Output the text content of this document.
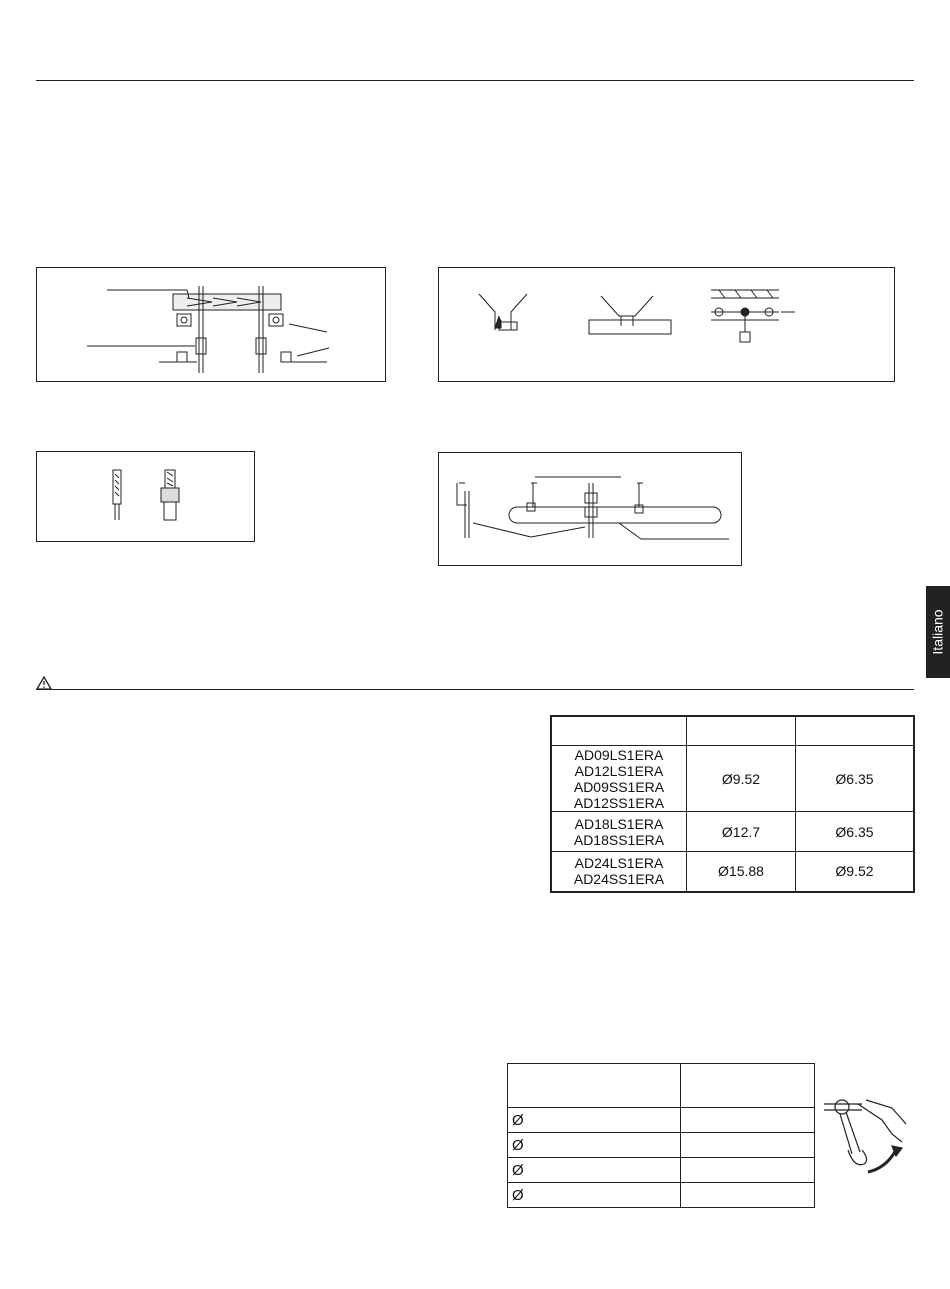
Italiano

AD09LS1ERA
AD12LS1ERA
AD09SS1ERA
AD12SS1ERA	Ø9.52	Ø6.35

AD18LS1ERA
AD18SS1ERA	Ø12.7	Ø6.35

AD24LS1ERA
AD24SS1ERA	Ø15.88	Ø9.52

Ø	
Ø	
Ø	
Ø	
